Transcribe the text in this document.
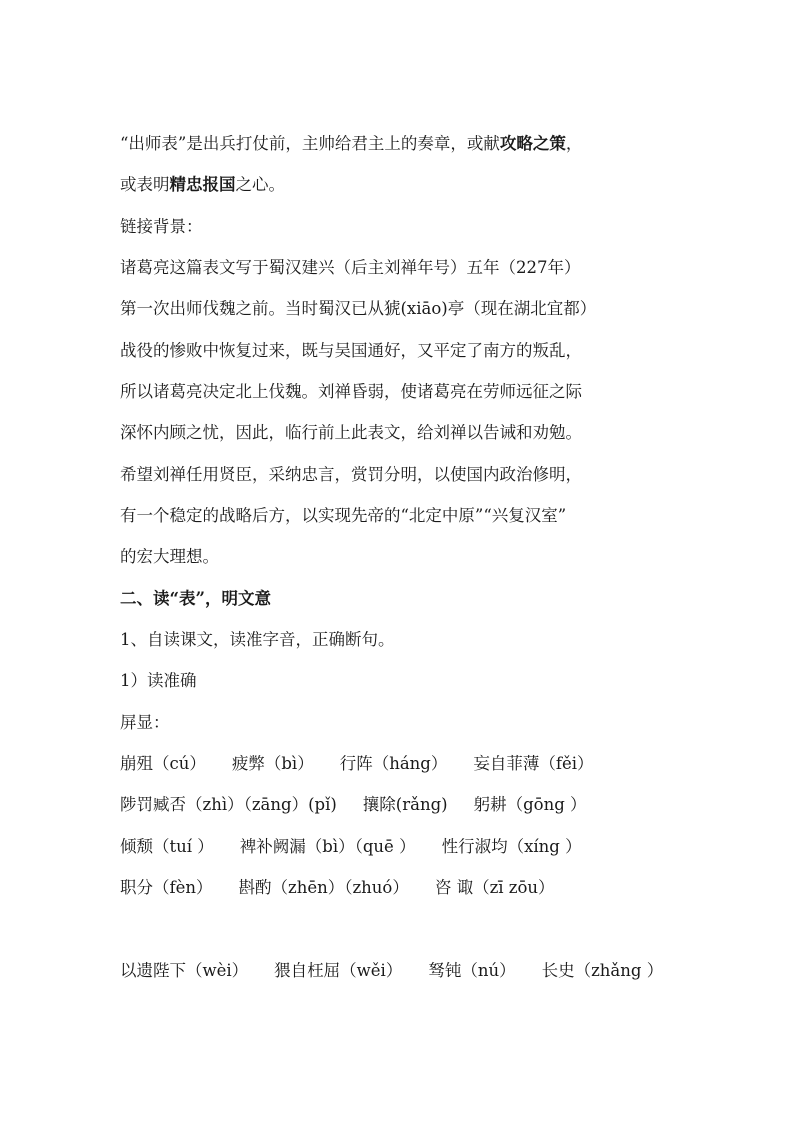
“出师表”是出兵打仗前，主帅给君主上的奏章，或献攻略之策，
或表明精忠报国之心。
链接背景：
诸葛亮这篇表文写于蜀汉建兴（后主刘禅年号）五年（227年）
第一次出师伐魏之前。当时蜀汉已从猇(xiāo)亭（现在湖北宜都）
战役的惨败中恢复过来，既与吴国通好，又平定了南方的叛乱，
所以诸葛亮决定北上伐魏。刘禅昏弱，使诸葛亮在劳师远征之际
深怀内顾之忧，因此，临行前上此表文，给刘禅以告诫和劝勉。
希望刘禅任用贤臣，采纳忠言，赏罚分明，以使国内政治修明，
有一个稳定的战略后方，以实现先帝的“北定中原”“兴复汉室”
的宏大理想。
二、读“表”，明文意
1、自读课文，读准字音，正确断句。
1）读准确
屏显：
崩殂（cú） 疲弊（bì） 行阵（háng） 妄自菲薄（fěi）
陟罚臧否（zhì）（zāng）(pǐ) 攘除(rǎng) 躬耕（gōng ）
倾颓（tuí ） 裨补阙漏（bì）（quē ） 性行淑均（xíng ）
职分（fèn） 斟酌（zhēn）（zhuó） 咨 诹（zī zōu）
以遗陛下（wèi） 猥自枉屈（wěi） 驽钝（nú） 长史（zhǎng ）
